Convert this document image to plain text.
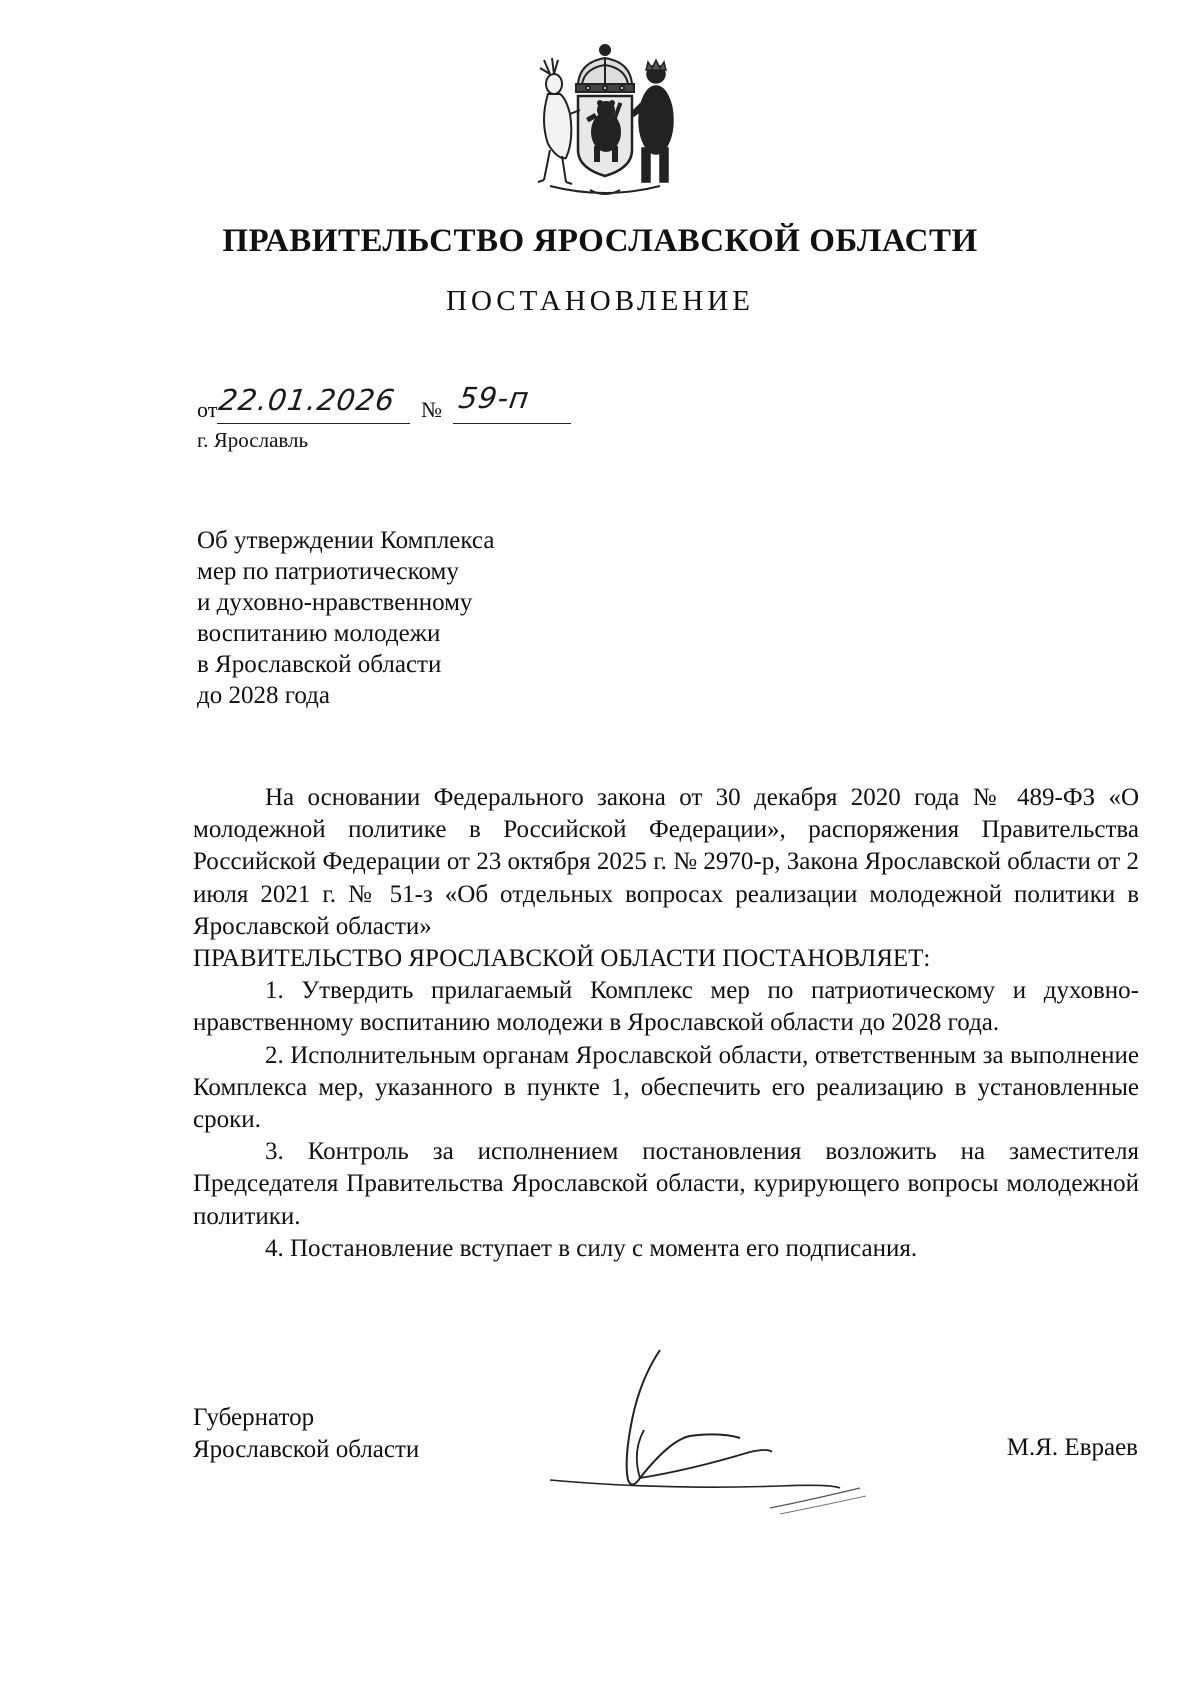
ПРАВИТЕЛЬСТВО ЯРОСЛАВСКОЙ ОБЛАСТИ
ПОСТАНОВЛЕНИЕ
от 22.01.2026 № 59-п
г. Ярославль
Об утверждении Комплекса
мер по патриотическому
и духовно-нравственному
воспитанию молодежи
в Ярославской области
до 2028 года

На основании Федерального закона от 30 декабря 2020 года № 489-ФЗ «О молодежной политике в Российской Федерации», распоряжения Правительства Российской Федерации от 23 октября 2025 г. № 2970-р, Закона Ярославской области от 2 июля 2021 г. № 51-з «Об отдельных вопросах реализации молодежной политики в Ярославской области»

ПРАВИТЕЛЬСТВО ЯРОСЛАВСКОЙ ОБЛАСТИ ПОСТАНОВЛЯЕТ:

1. Утвердить прилагаемый Комплекс мер по патриотическому и духовно-нравственному воспитанию молодежи в Ярославской области до 2028 года.

2. Исполнительным органам Ярославской области, ответственным за выполнение Комплекса мер, указанного в пункте 1, обеспечить его реализацию в установленные сроки.

3. Контроль за исполнением постановления возложить на заместителя Председателя Правительства Ярославской области, курирующего вопросы молодежной политики.

4. Постановление вступает в силу с момента его подписания.

Губернатор
Ярославской области	М.Я. Евраев
